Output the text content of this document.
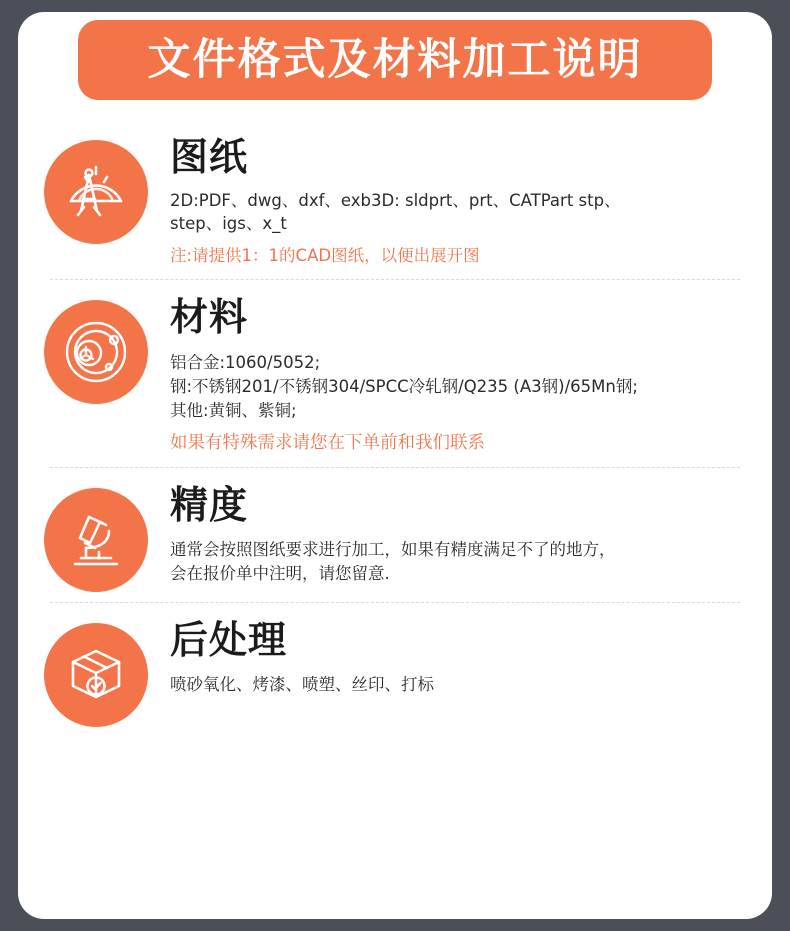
文件格式及材料加工说明
图纸
2D:PDF、dwg、dxf、exb3D: sldprt、prt、CATPart stp、
step、igs、x_t
注:请提供1：1的CAD图纸，以便出展开图
材料
铝合金:1060/5052;
钢:不锈钢201/不锈钢304/SPCC冷轧钢/Q235 (A3钢)/65Mn钢;
其他:黄铜、紫铜;
如果有特殊需求请您在下单前和我们联系
精度
通常会按照图纸要求进行加工，如果有精度满足不了的地方，
会在报价单中注明，请您留意.
后处理
喷砂氧化、烤漆、喷塑、丝印、打标
